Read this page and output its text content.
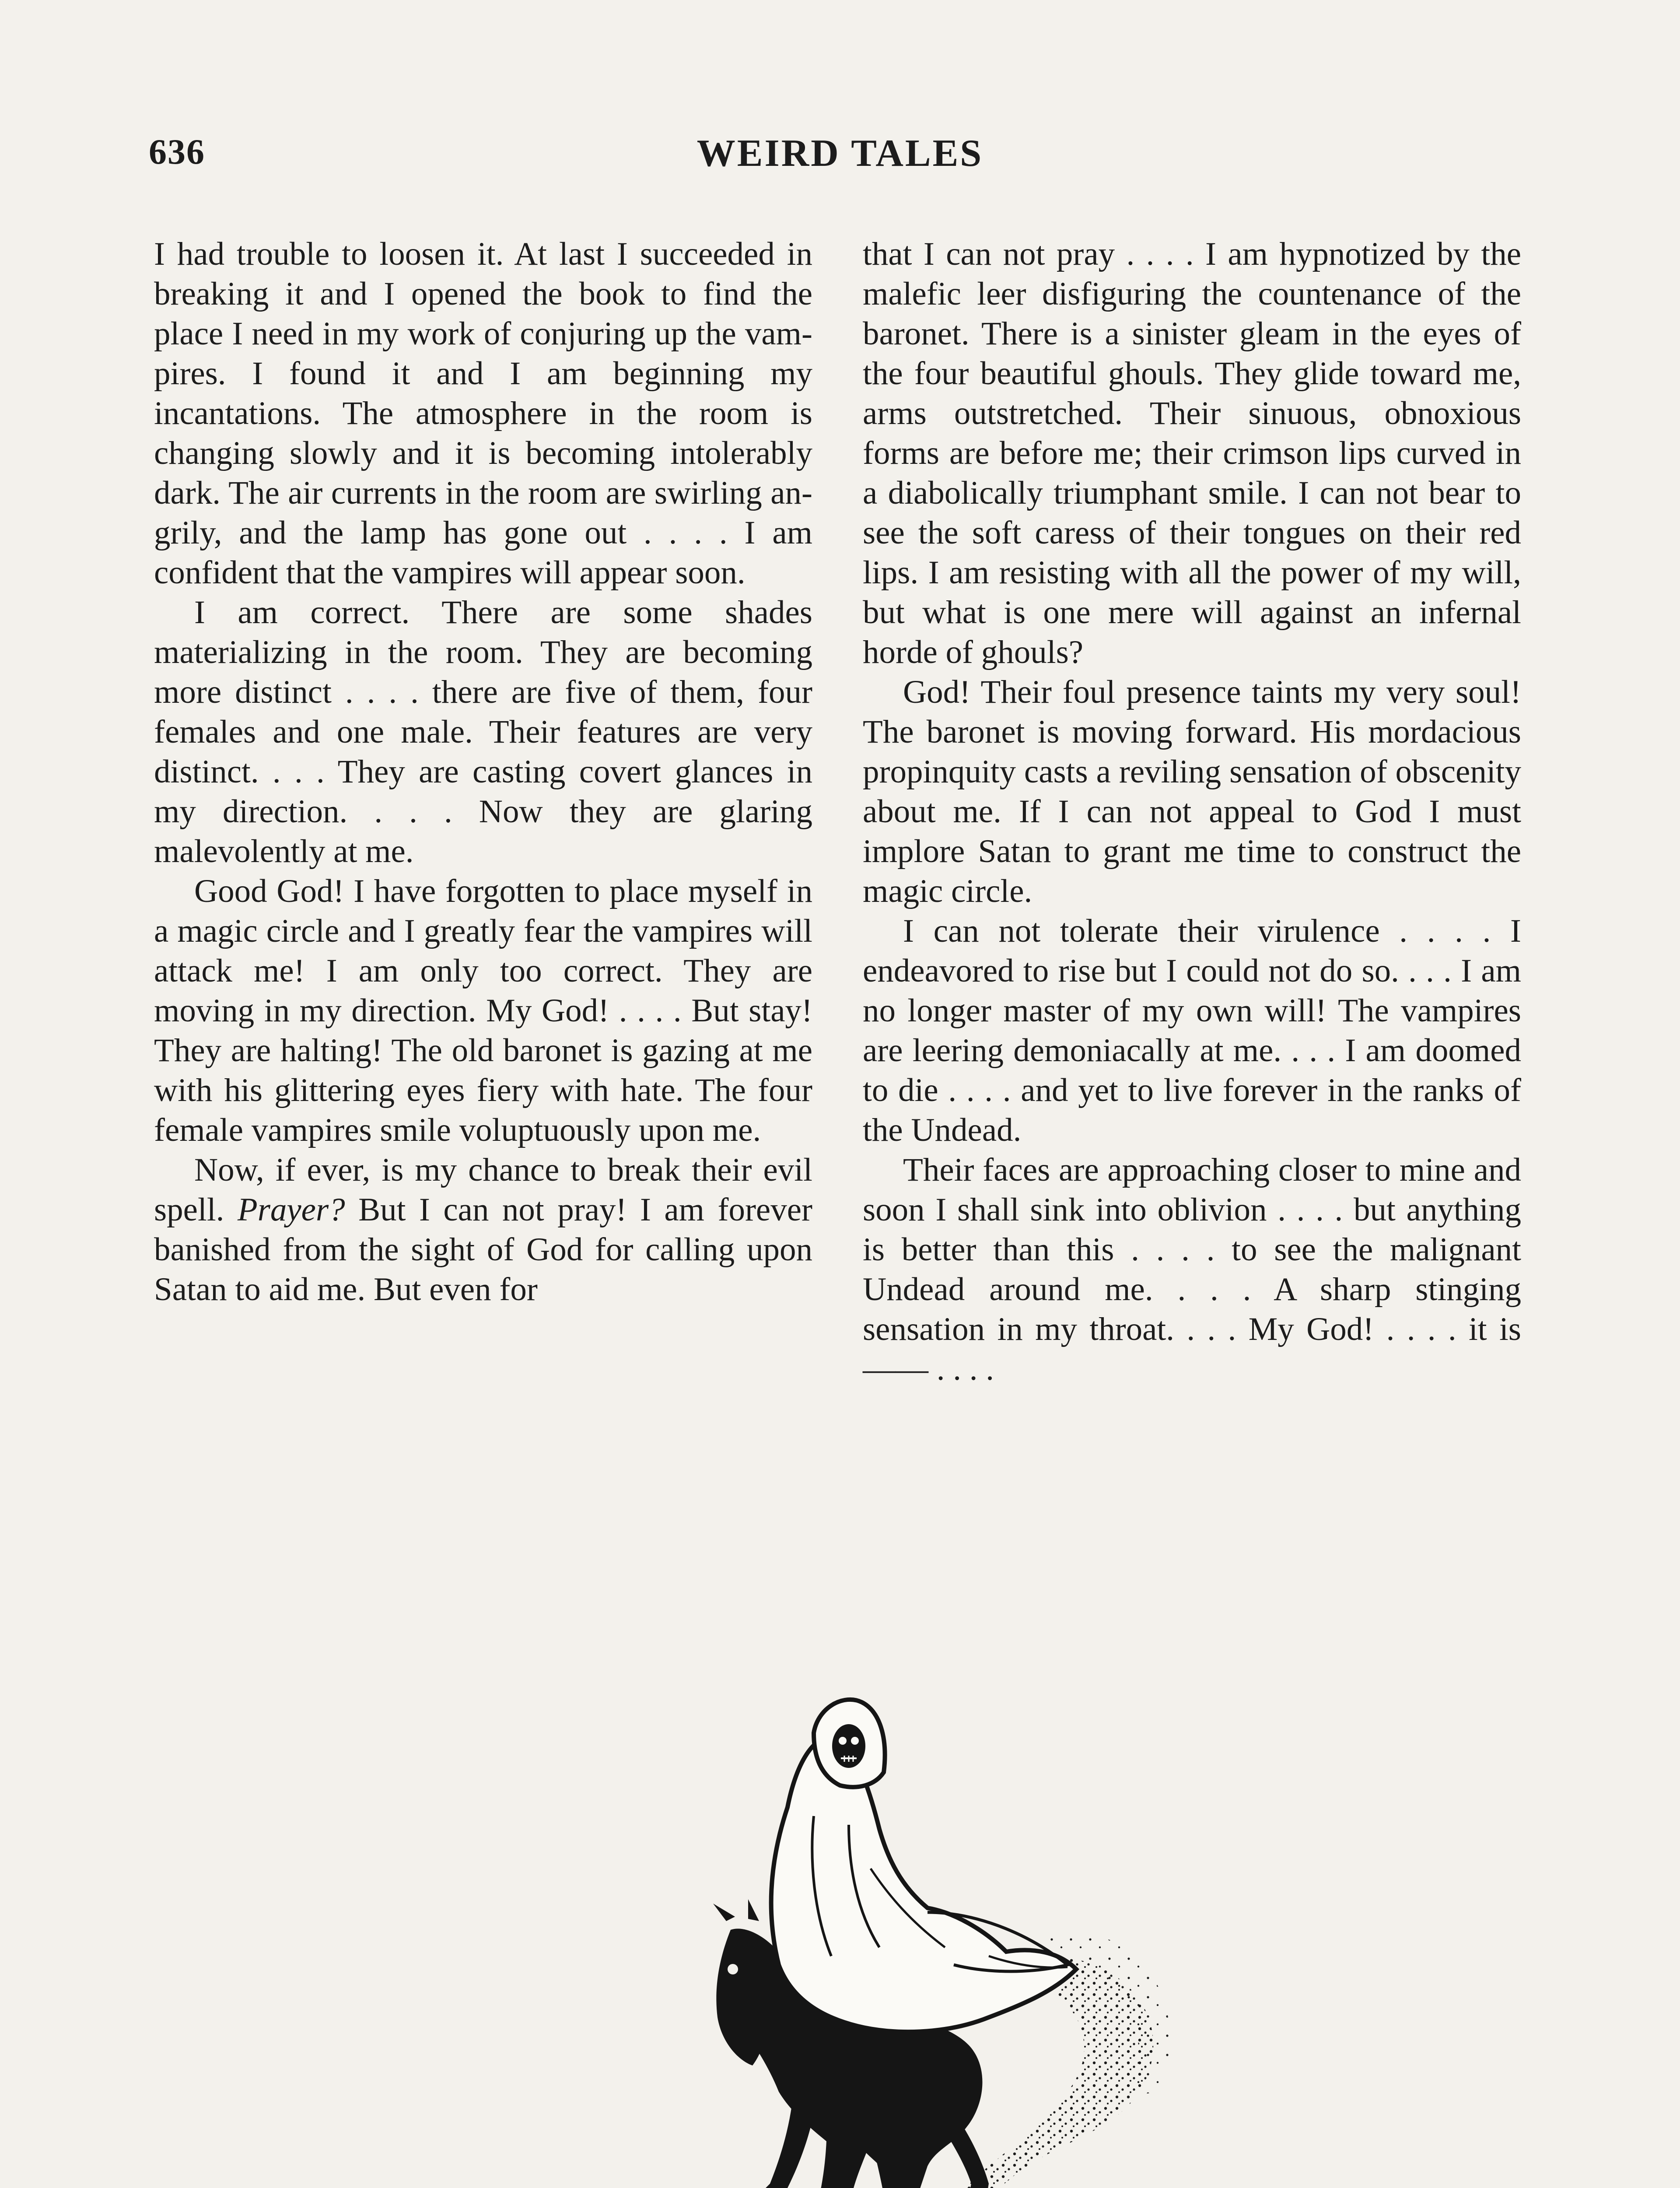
636	WEIRD TALES

I had trouble to loosen it. At last I succeeded in breaking it and I opened the book to find the place I need in my work of conjuring up the vampires. I found it and I am beginning my incantations. The atmosphere in the room is changing slowly and it is becoming intolerably dark. The air currents in the room are swirling angrily, and the lamp has gone out . . . . I am confident that the vampires will appear soon.

I am correct. There are some shades materializing in the room. They are becoming more distinct . . . . there are five of them, four females and one male. Their features are very distinct. . . . They are casting covert glances in my direction. . . . Now they are glaring malevolently at me.

Good God! I have forgotten to place myself in a magic circle and I greatly fear the vampires will attack me! I am only too correct. They are moving in my direction. My God! . . . . But stay! They are halting! The old baronet is gazing at me with his glittering eyes fiery with hate. The four female vampires smile voluptuously upon me.

Now, if ever, is my chance to break their evil spell. Prayer? But I can not pray! I am forever banished from the sight of God for calling upon Satan to aid me. But even for

that I can not pray . . . . I am hypnotized by the malefic leer disfiguring the countenance of the baronet. There is a sinister gleam in the eyes of the four beautiful ghouls. They glide toward me, arms outstretched. Their sinuous, obnoxious forms are before me; their crimson lips curved in a diabolically triumphant smile. I can not bear to see the soft caress of their tongues on their red lips. I am resisting with all the power of my will, but what is one mere will against an infernal horde of ghouls?

God! Their foul presence taints my very soul! The baronet is moving forward. His mordacious propinquity casts a reviling sensation of obscenity about me. If I can not appeal to God I must implore Satan to grant me time to construct the magic circle.

I can not tolerate their virulence . . . . I endeavored to rise but I could not do so. . . . I am no longer master of my own will! The vampires are leering demoniacally at me. . . . I am doomed to die . . . . and yet to live forever in the ranks of the Undead.

Their faces are approaching closer to mine and soon I shall sink into oblivion . . . . but anything is better than this . . . . to see the malignant Undead around me. . . . A sharp stinging sensation in my throat. . . . My God! . . . . it is—— . . . .
